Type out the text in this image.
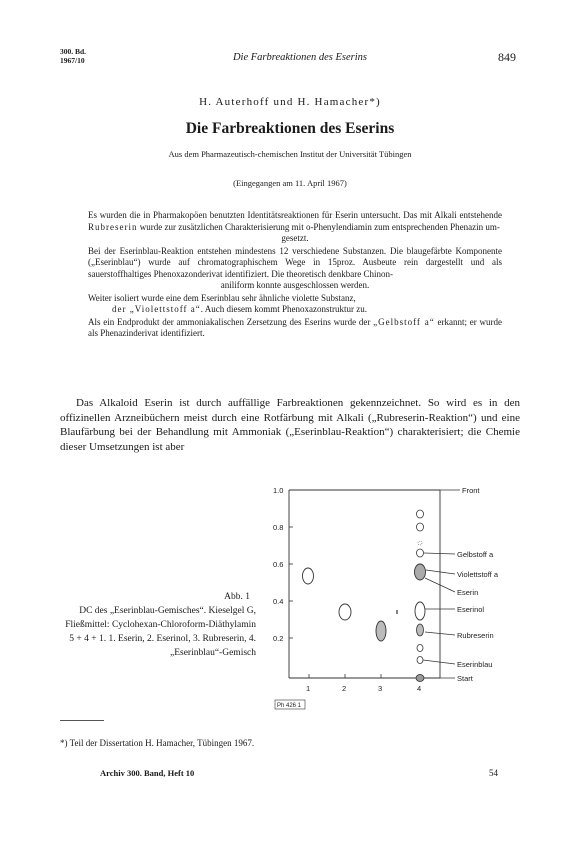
300. Bd.
1967/10	Die Farbreaktionen des Eserins	849
H. Auterhoff und H. Hamacher*)
Die Farbreaktionen des Eserins
Aus dem Pharmazeutisch-chemischen Institut der Universität Tübingen
(Eingegangen am 11. April 1967)

Es wurden die in Pharmakopöen benutzten Identitätsreaktionen für Eserin untersucht. Das mit Alkali entstehende Rubreserin wurde zur zusätzlichen Charakterisierung mit o-Phenylendiamin zum entsprechenden Phenazin um-
gesetzt.

Bei der Eserinblau-Reaktion entstehen mindestens 12 verschiedene Substanzen. Die blaugefärbte Komponente („Eserinblau“) wurde auf chromatographischem Wege in 15proz. Ausbeute rein dargestellt und als sauerstoffhaltiges Phenoxazonderivat identifiziert. Die theoretisch denkbare Chinon-
aniliform konnte ausgeschlossen werden.

Weiter isoliert wurde eine dem Eserinblau sehr ähnliche violette Substanz,
der „Violettstoff a“. Auch diesem kommt Phenoxazonstruktur zu.

Als ein Endprodukt der ammoniakalischen Zersetzung des Eserins wurde der „Gelbstoff a“ erkannt; er wurde als Phenazinderivat identifiziert.

Das Alkaloid Eserin ist durch auffällige Farbreaktionen gekennzeichnet. So wird es in den offizinellen Arzneibüchern meist durch eine Rotfärbung mit Alkali („Rubreserin-Reaktion“) und eine Blaufärbung bei der Behandlung mit Ammoniak („Eserinblau-Reaktion“) charakterisiert; die Chemie dieser Umsetzungen ist aber

1.0
0.8
0.6
0.4
0.2
1	2	3	4
Front
Gelbstoff a
Violettstoff a
Eserin
Eserinol
Rubreserin
Eserinblau
Start
Ph 426 1
Abb. 1
DC des „Eserinblau-Gemisches“. Kieselgel G, Fließmittel: Cyclohexan-Chloroform-Diäthylamin 5 + 4 + 1. 1. Eserin, 2. Eserinol, 3. Rubreserin, 4. „Eserinblau“-Gemisch
*) Teil der Dissertation H. Hamacher, Tübingen 1967.
Archiv 300. Band, Heft 10	54
